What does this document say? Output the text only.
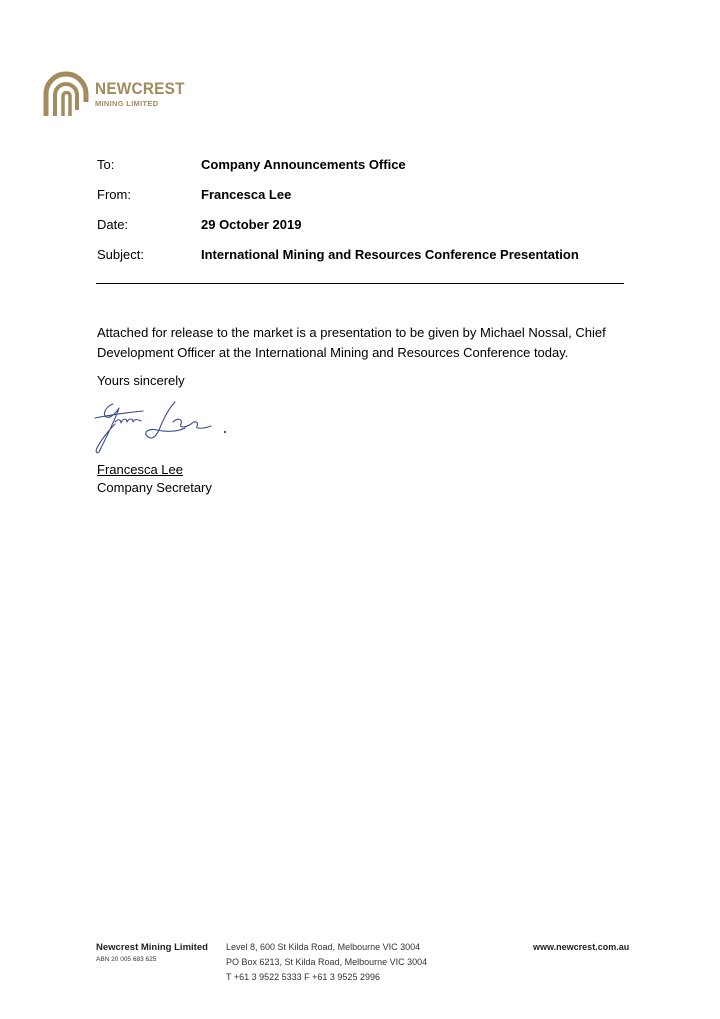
NEWCREST
MINING LIMITED
To:	Company Announcements Office
From:	Francesca Lee
Date:	29 October 2019
Subject:	International Mining and Resources Conference Presentation
Attached for release to the market is a presentation to be given by Michael Nossal, Chief
Development Officer at the International Mining and Resources Conference today.

Yours sincerely

Francesca Lee
Company Secretary
Newcrest Mining Limited
ABN 20 005 683 625
Level 8, 600 St Kilda Road, Melbourne VIC 3004
PO Box 6213, St Kilda Road, Melbourne VIC 3004
T +61 3 9522 5333 F +61 3 9525 2996
www.newcrest.com.au
